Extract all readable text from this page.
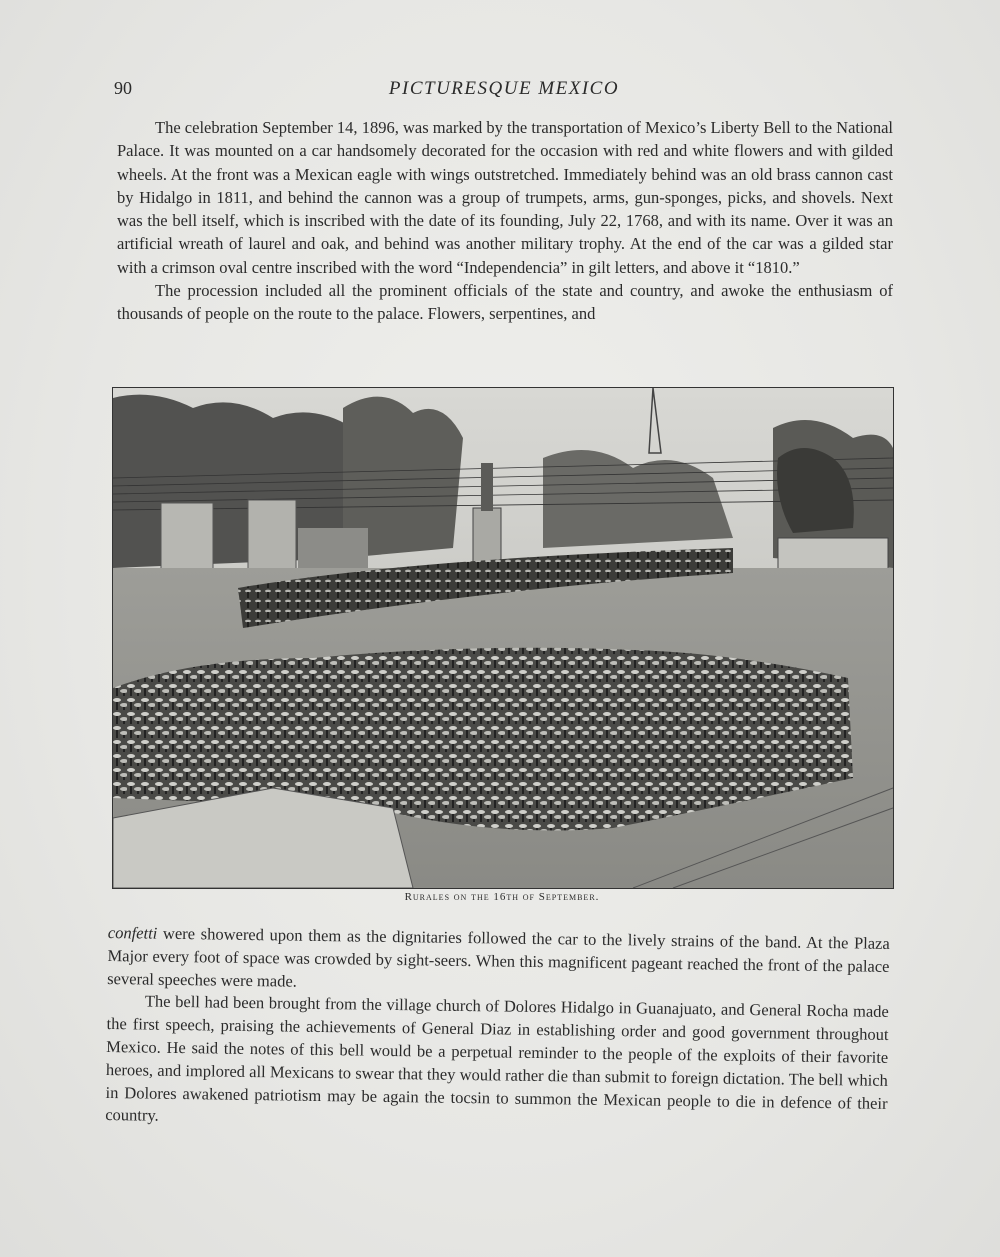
90	PICTURESQUE MEXICO

The celebration September 14, 1896, was marked by the transportation of Mexico’s Liberty Bell to the National Palace. It was mounted on a car handsomely decorated for the occasion with red and white flowers and with gilded wheels. At the front was a Mexican eagle with wings outstretched. Immediately behind was an old brass cannon cast by Hidalgo in 1811, and behind the cannon was a group of trumpets, arms, gun-sponges, picks, and shovels. Next was the bell itself, which is inscribed with the date of its founding, July 22, 1768, and with its name. Over it was an artificial wreath of laurel and oak, and behind was another military trophy. At the end of the car was a gilded star with a crimson oval centre inscribed with the word “Independencia” in gilt letters, and above it “1810.”

The procession included all the prominent officials of the state and country, and awoke the enthusiasm of thousands of people on the route to the palace. Flowers, serpentines, and

Rurales on the 16th of September.

confetti were showered upon them as the dignitaries followed the car to the lively strains of the band. At the Plaza Major every foot of space was crowded by sight-seers. When this magnificent pageant reached the front of the palace several speeches were made.

The bell had been brought from the village church of Dolores Hidalgo in Guanajuato, and General Rocha made the first speech, praising the achievements of General Diaz in establishing order and good government throughout Mexico. He said the notes of this bell would be a perpetual reminder to the people of the exploits of their favorite heroes, and implored all Mexicans to swear that they would rather die than submit to foreign dictation. The bell which in Dolores awakened patriotism may be again the tocsin to summon the Mexican people to die in defence of their country.
